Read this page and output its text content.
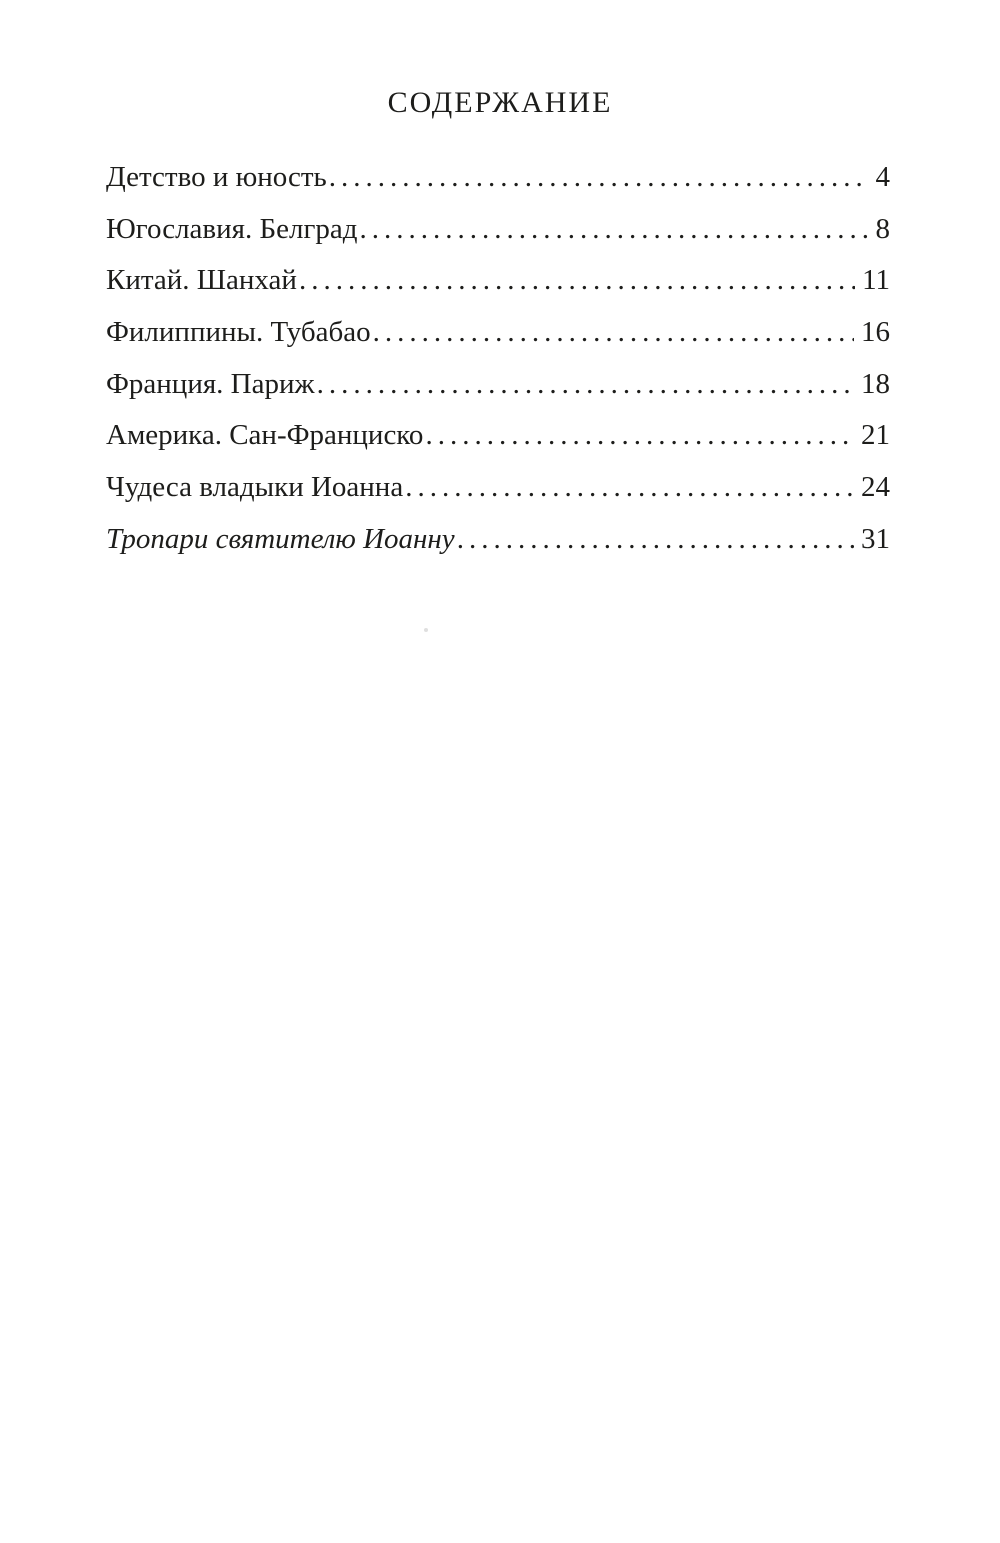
СОДЕРЖАНИЕ
Детство и юность .....	4
Югославия. Белград .....	8
Китай. Шанхай .....	11
Филиппины. Тубабао .....	16
Франция. Париж .....	18
Америка. Сан-Франциско .....	21
Чудеса владыки Иоанна .....	24
Тропари святителю Иоанну .....	31
